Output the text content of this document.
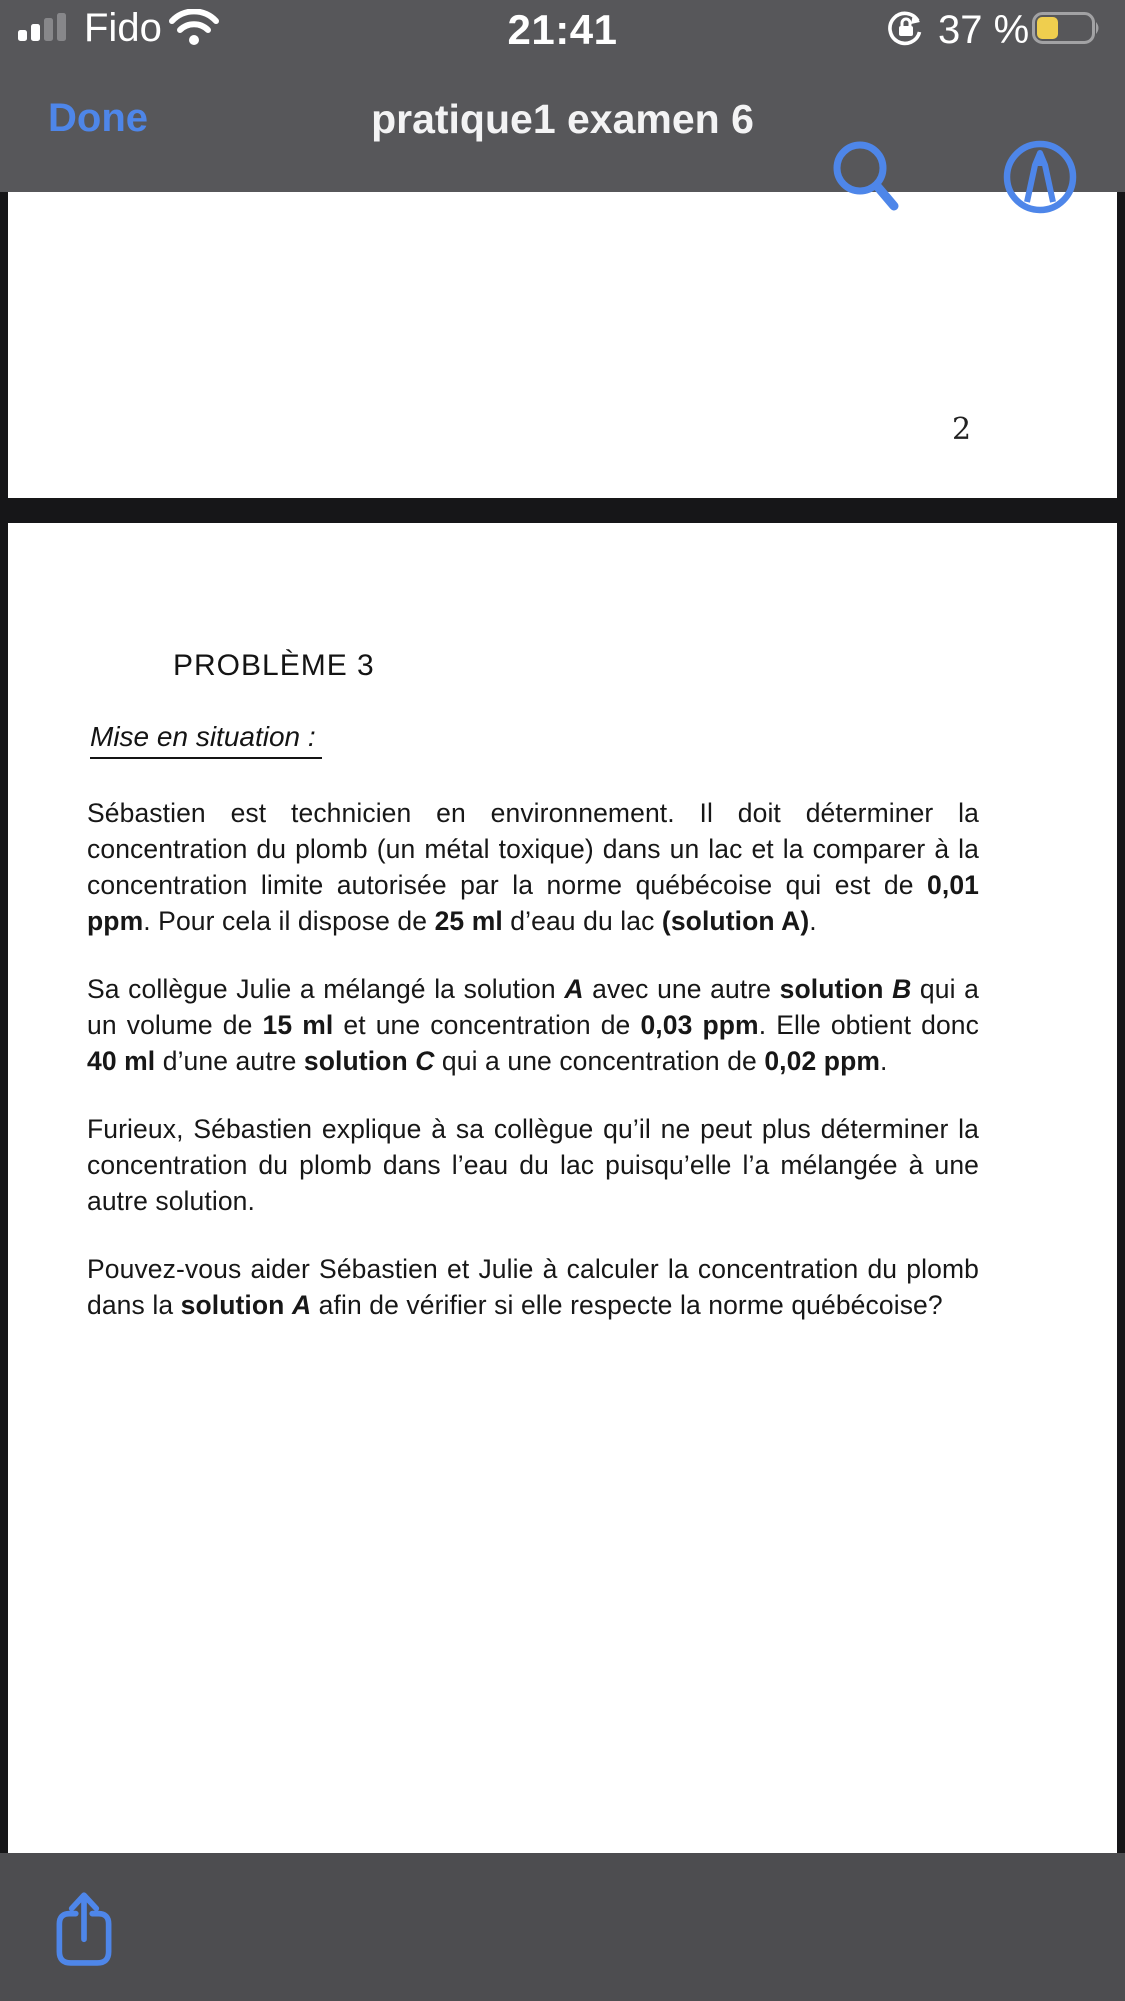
Fido	21:41	37 %
Done	pratique1 examen 6
2
PROBLÈME 3
Mise en situation :

Sébastien est technicien en environnement. Il doit déterminer la concentration du plomb (un métal toxique) dans un lac et la comparer à la concentration limite autorisée par la norme québécoise qui est de 0,01 ppm. Pour cela il dispose de 25 ml d’eau du lac (solution A).

Sa collègue Julie a mélangé la solution A avec une autre solution B qui a un volume de 15 ml et une concentration de 0,03 ppm. Elle obtient donc 40 ml d’une autre solution C qui a une concentration de 0,02 ppm.

Furieux, Sébastien explique à sa collègue qu’il ne peut plus déterminer la concentration du plomb dans l’eau du lac puisqu’elle l’a mélangée à une autre solution.

Pouvez-vous aider Sébastien et Julie à calculer la concentration du plomb dans la solution A afin de vérifier si elle respecte la norme québécoise?
